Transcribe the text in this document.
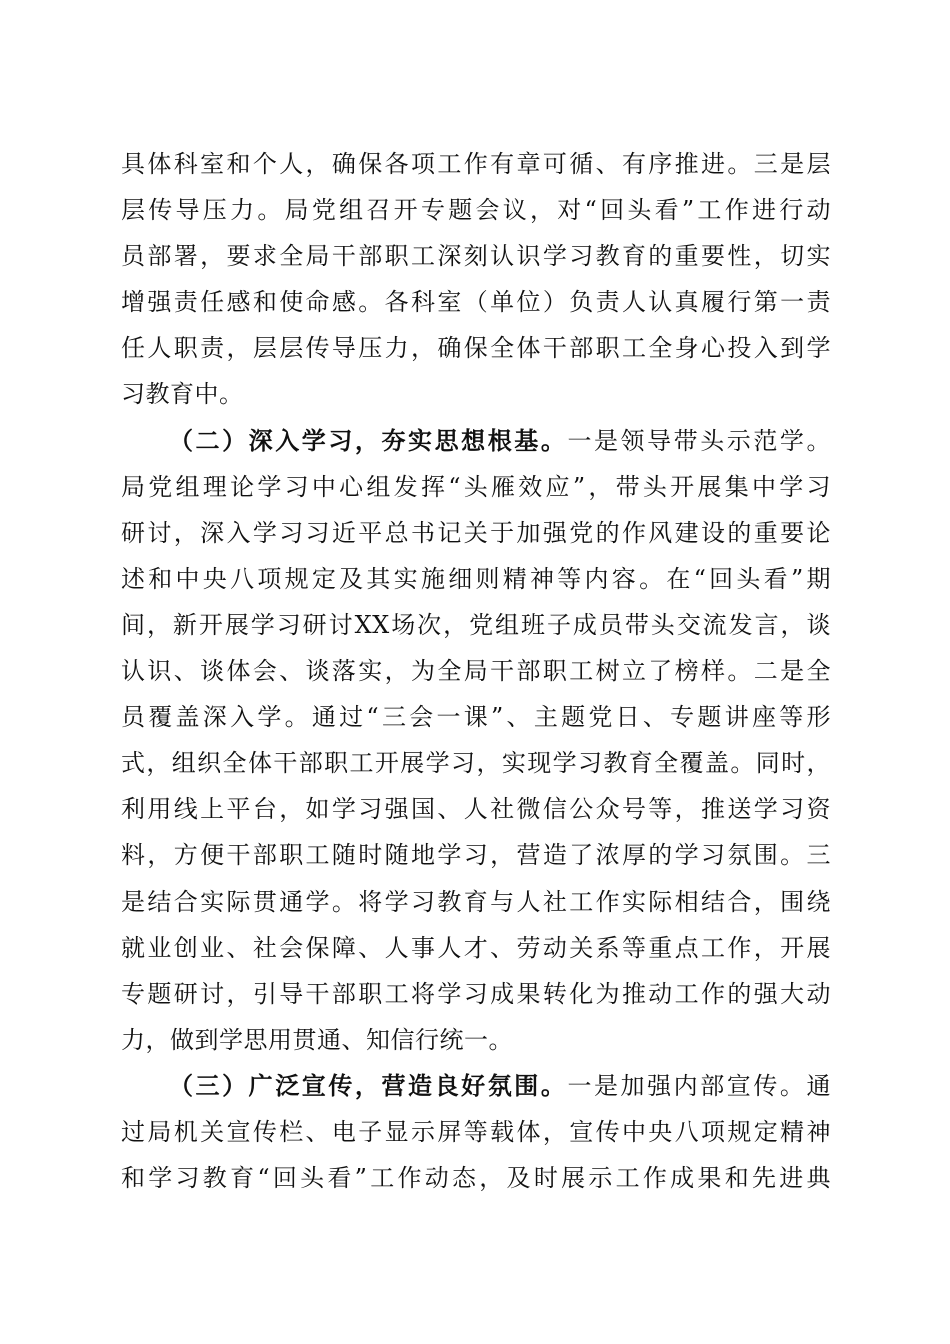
具体科室和个人，确保各项工作有章可循、有序推进。三是层
层传导压力。局党组召开专题会议，对“回头看”工作进行动
员部署，要求全局干部职工深刻认识学习教育的重要性，切实
增强责任感和使命感。各科室（单位）负责人认真履行第一责
任人职责，层层传导压力，确保全体干部职工全身心投入到学
习教育中。
（二）深入学习，夯实思想根基。一是领导带头示范学。
局党组理论学习中心组发挥“头雁效应”，带头开展集中学习
研讨，深入学习习近平总书记关于加强党的作风建设的重要论
述和中央八项规定及其实施细则精神等内容。在“回头看”期
间，新开展学习研讨XX场次，党组班子成员带头交流发言，谈
认识、谈体会、谈落实，为全局干部职工树立了榜样。二是全
员覆盖深入学。通过“三会一课”、主题党日、专题讲座等形
式，组织全体干部职工开展学习，实现学习教育全覆盖。同时，
利用线上平台，如学习强国、人社微信公众号等，推送学习资
料，方便干部职工随时随地学习，营造了浓厚的学习氛围。三
是结合实际贯通学。将学习教育与人社工作实际相结合，围绕
就业创业、社会保障、人事人才、劳动关系等重点工作，开展
专题研讨，引导干部职工将学习成果转化为推动工作的强大动
力，做到学思用贯通、知信行统一。
（三）广泛宣传，营造良好氛围。一是加强内部宣传。通
过局机关宣传栏、电子显示屏等载体，宣传中央八项规定精神
和学习教育“回头看”工作动态，及时展示工作成果和先进典
